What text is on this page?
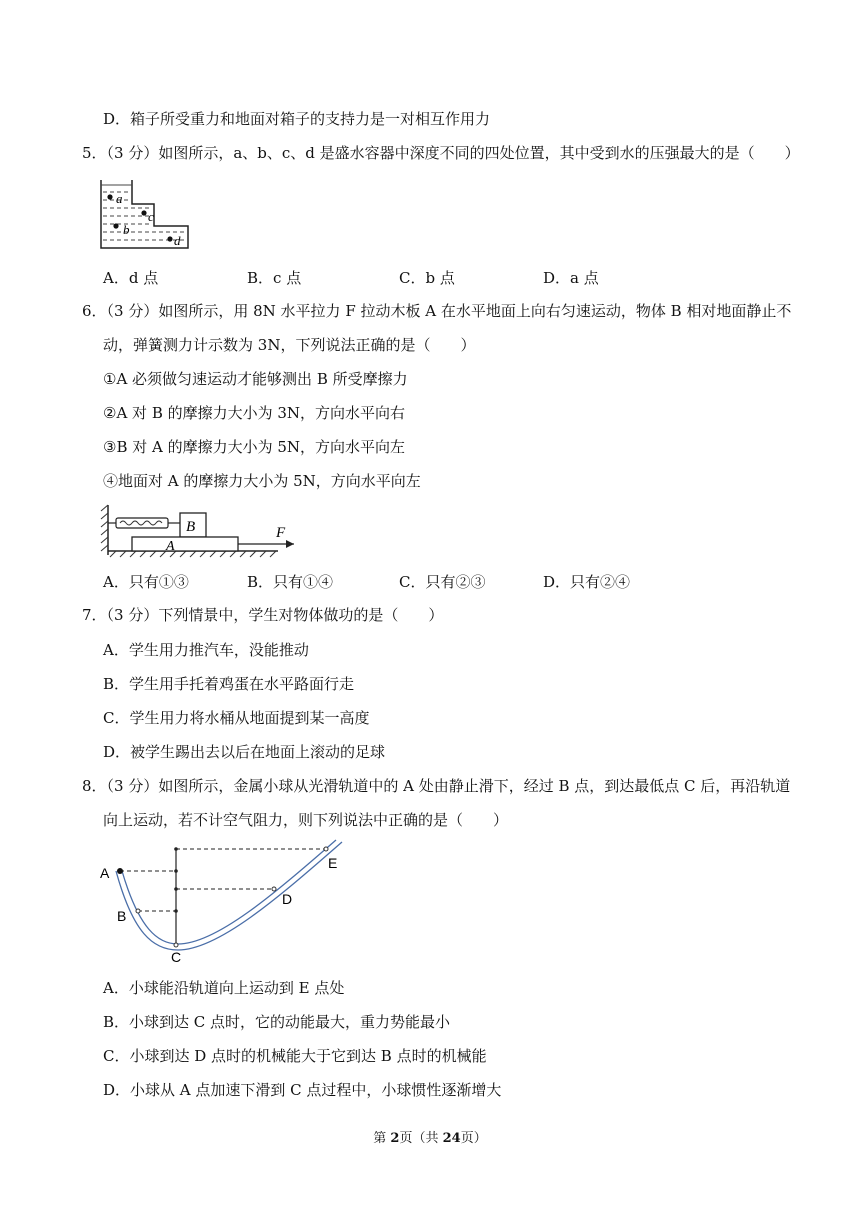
D．箱子所受重力和地面对箱子的支持力是一对相互作用力
5．（3 分）如图所示，a、b、c、d 是盛水容器中深度不同的四处位置，其中受到水的压强最大的是（　　）
a
c
b
d
A．d 点	B．c 点	C．b 点	D．a 点
6．（3 分）如图所示，用 8N 水平拉力 F 拉动木板 A 在水平地面上向右匀速运动，物体 B 相对地面静止不
动，弹簧测力计示数为 3N，下列说法正确的是（　　）
①A 必须做匀速运动才能够测出 B 所受摩擦力
②A 对 B 的摩擦力大小为 3N，方向水平向右
③B 对 A 的摩擦力大小为 5N，方向水平向左
④地面对 A 的摩擦力大小为 5N，方向水平向左
B
A
F
A．只有①③	B．只有①④	C．只有②③	D．只有②④
7．（3 分）下列情景中，学生对物体做功的是（　　）
A．学生用力推汽车，没能推动
B．学生用手托着鸡蛋在水平路面行走
C．学生用力将水桶从地面提到某一高度
D．被学生踢出去以后在地面上滚动的足球
8．（3 分）如图所示，金属小球从光滑轨道中的 A 处由静止滑下，经过 B 点，到达最低点 C 后，再沿轨道
向上运动，若不计空气阻力，则下列说法中正确的是（　　）
A
B
C
D
E
A．小球能沿轨道向上运动到 E 点处
B．小球到达 C 点时，它的动能最大，重力势能最小
C．小球到达 D 点时的机械能大于它到达 B 点时的机械能
D．小球从 A 点加速下滑到 C 点过程中，小球惯性逐渐增大
第 2页（共 24页）
